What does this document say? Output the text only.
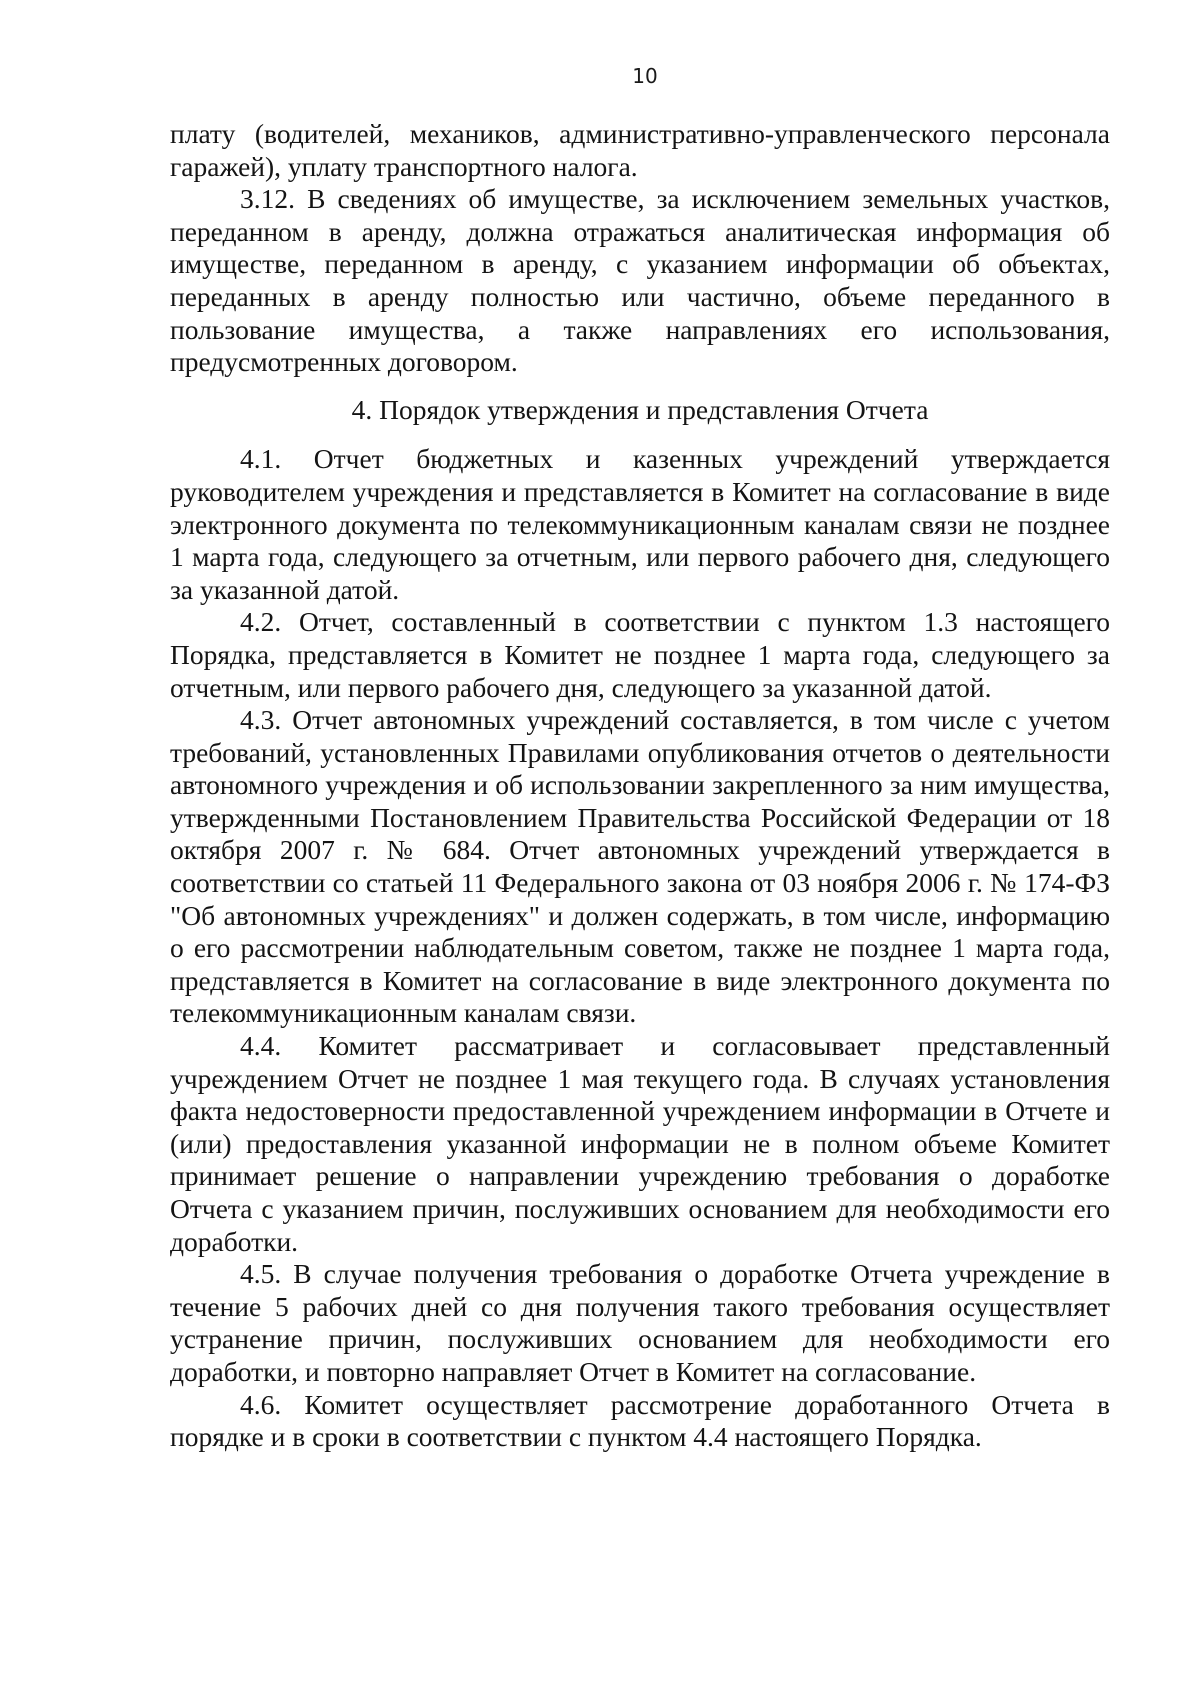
10

плату (водителей, механиков, административно-управленческого персонала гаражей), уплату транспортного налога.

3.12. В сведениях об имуществе, за исключением земельных участков, переданном в аренду, должна отражаться аналитическая информация об имуществе, переданном в аренду, с указанием информации об объектах, переданных в аренду полностью или частично, объеме переданного в пользование имущества, а также направлениях его использования, предусмотренных договором.

4. Порядок утверждения и представления Отчета

4.1. Отчет бюджетных и казенных учреждений утверждается руководителем учреждения и представляется в Комитет на согласование в виде электронного документа по телекоммуникационным каналам связи не позднее 1 марта года, следующего за отчетным, или первого рабочего дня, следующего за указанной датой.

4.2. Отчет, составленный в соответствии с пунктом 1.3 настоящего Порядка, представляется в Комитет не позднее 1 марта года, следующего за отчетным, или первого рабочего дня, следующего за указанной датой.

4.3. Отчет автономных учреждений составляется, в том числе с учетом требований, установленных Правилами опубликования отчетов о деятельности автономного учреждения и об использовании закрепленного за ним имущества, утвержденными Постановлением Правительства Российской Федерации от 18 октября 2007 г. № 684. Отчет автономных учреждений утверждается в соответствии со статьей 11 Федерального закона от 03 ноября 2006 г. № 174-ФЗ "Об автономных учреждениях" и должен содержать, в том числе, информацию о его рассмотрении наблюдательным советом, также не позднее 1 марта года, представляется в Комитет на согласование в виде электронного документа по телекоммуникационным каналам связи.

4.4. Комитет рассматривает и согласовывает представленный учреждением Отчет не позднее 1 мая текущего года. В случаях установления факта недостоверности предоставленной учреждением информации в Отчете и (или) предоставления указанной информации не в полном объеме Комитет принимает решение о направлении учреждению требования о доработке Отчета с указанием причин, послуживших основанием для необходимости его доработки.

4.5. В случае получения требования о доработке Отчета учреждение в течение 5 рабочих дней со дня получения такого требования осуществляет устранение причин, послуживших основанием для необходимости его доработки, и повторно направляет Отчет в Комитет на согласование.

4.6. Комитет осуществляет рассмотрение доработанного Отчета в порядке и в сроки в соответствии с пунктом 4.4 настоящего Порядка.
